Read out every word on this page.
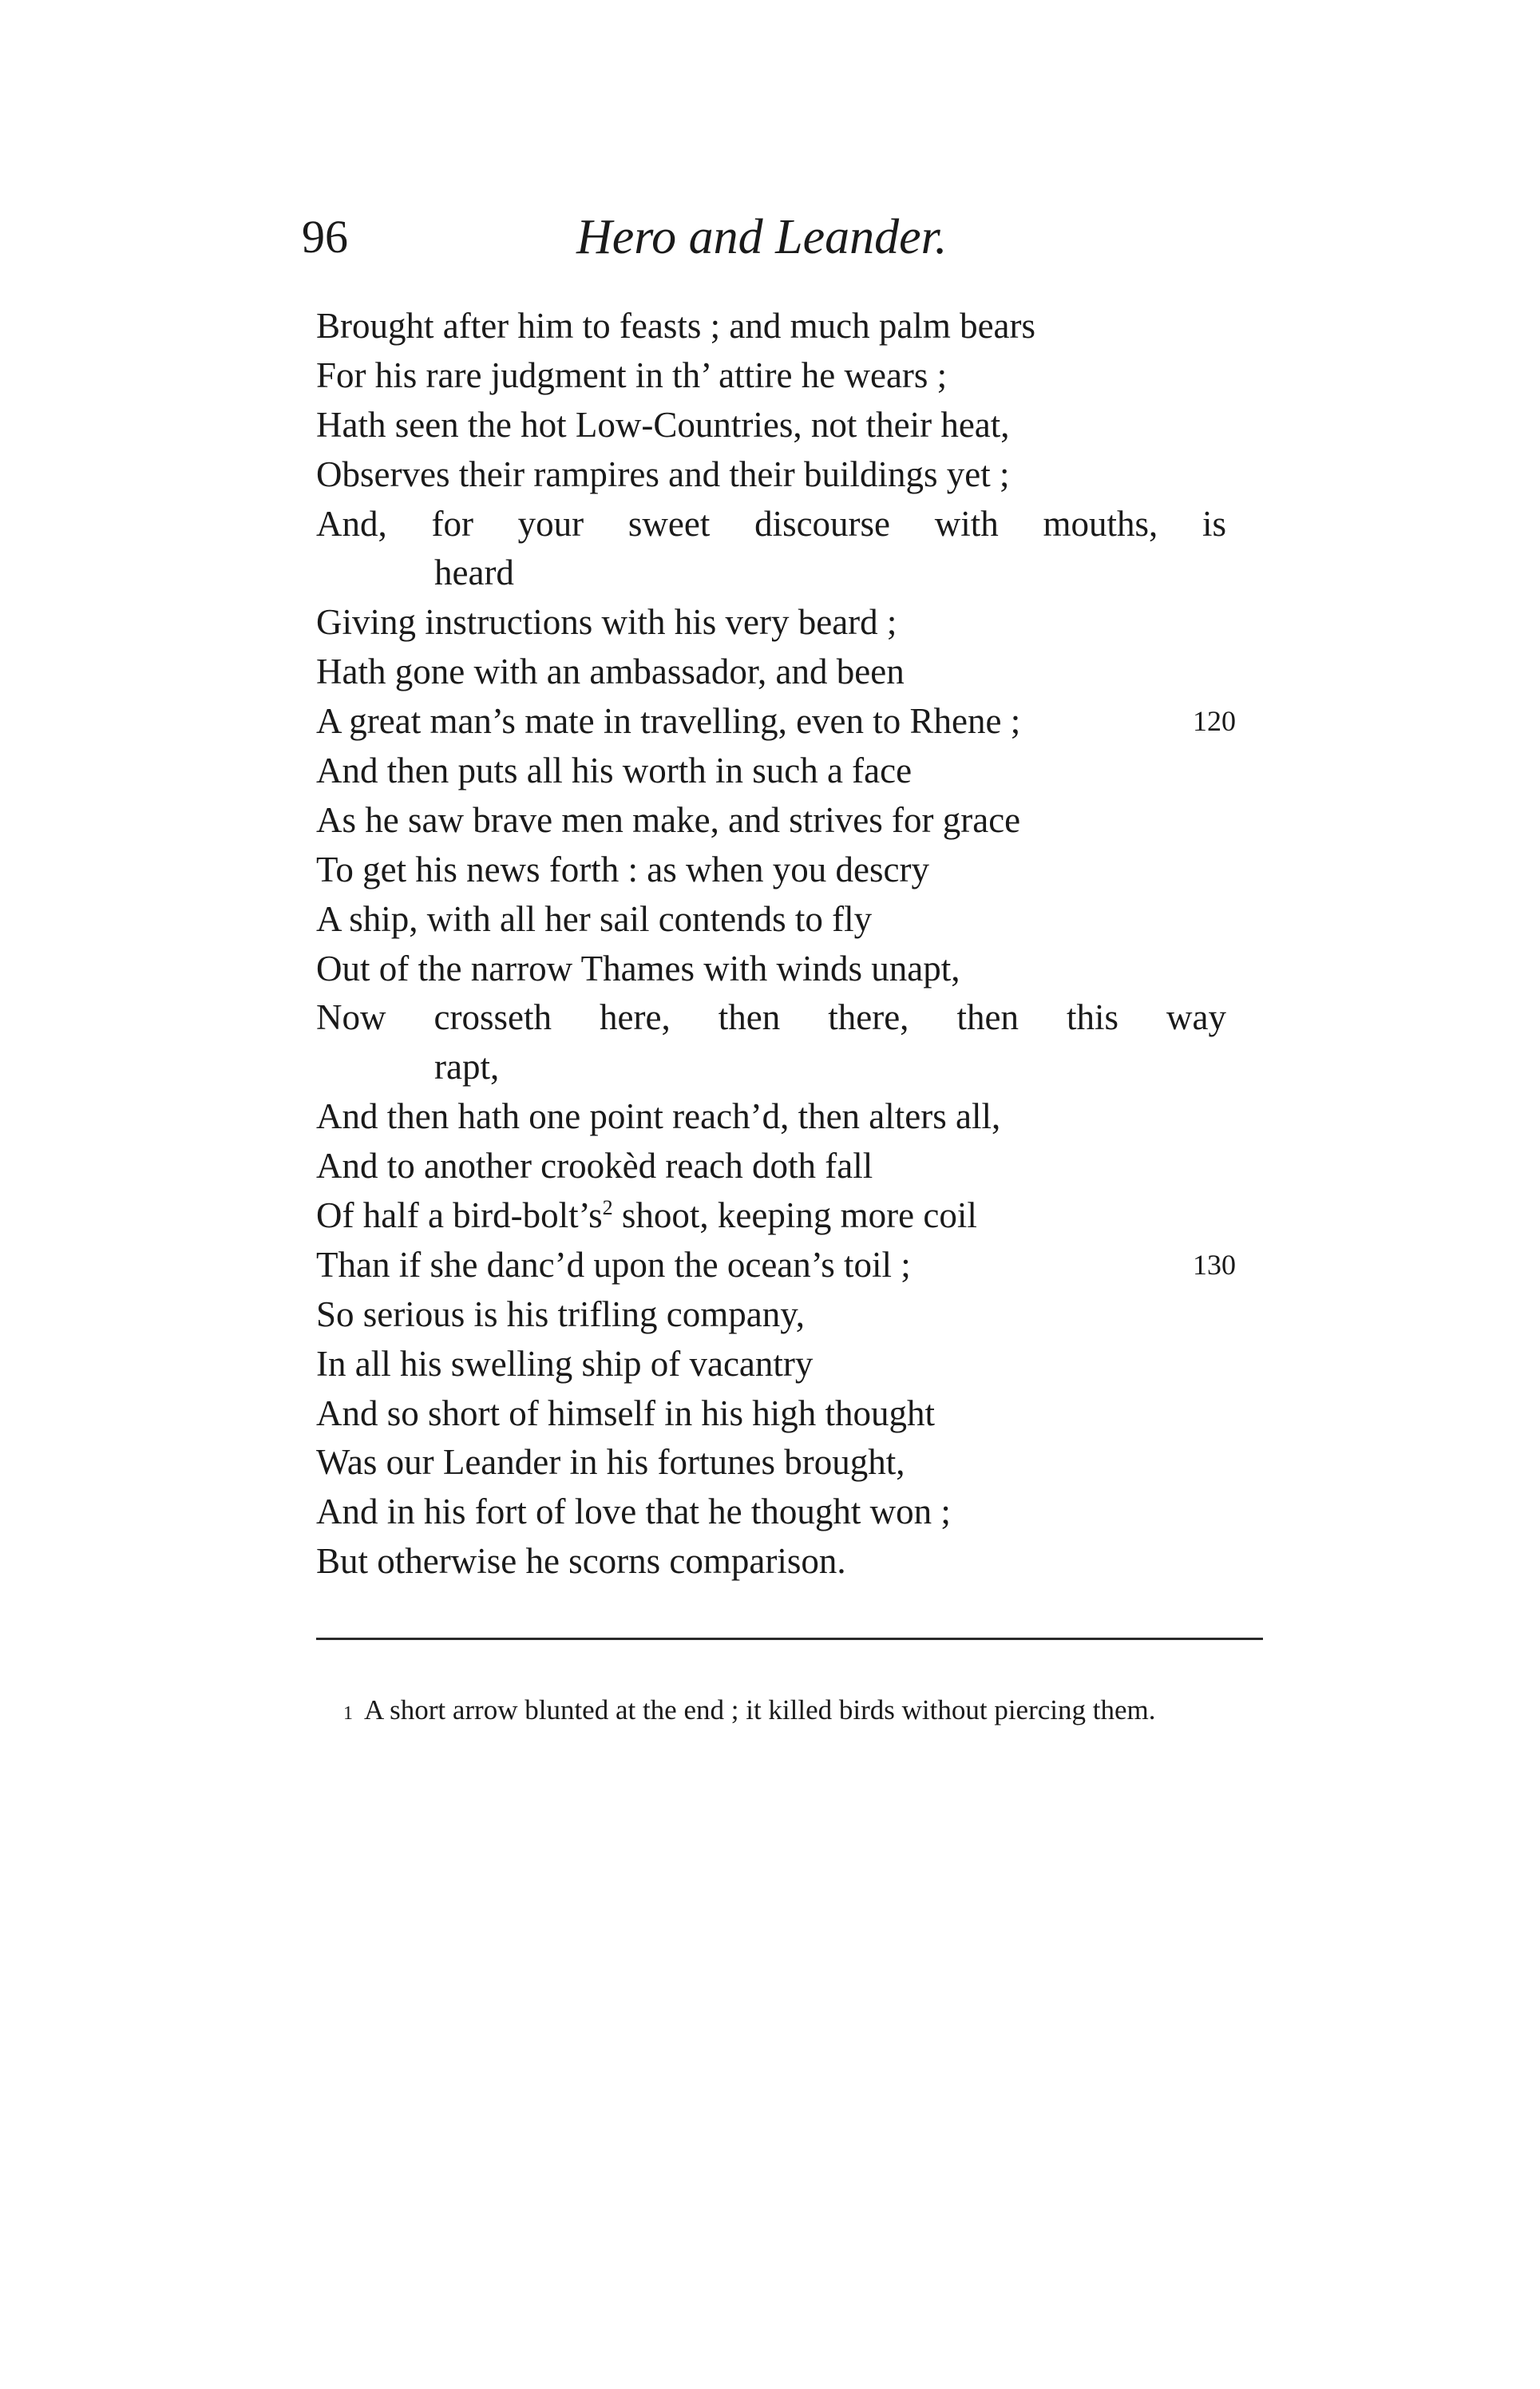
96	Hero and Leander.
Brought after him to feasts ; and much palm bears
For his rare judgment in th’ attire he wears ;
Hath seen the hot Low-Countries, not their heat,
Observes their rampires and their buildings yet ;
And, for your sweet discourse with mouths, is
heard
Giving instructions with his very beard ;
Hath gone with an ambassador, and been
A great man’s mate in travelling, even to Rhene ;	120
And then puts all his worth in such a face
As he saw brave men make, and strives for grace
To get his news forth : as when you descry
A ship, with all her sail contends to fly
Out of the narrow Thames with winds unapt,
Now crosseth here, then there, then this way
rapt,
And then hath one point reach’d, then alters all,
And to another crookèd reach doth fall
Of half a bird-bolt’s$^2$ shoot, keeping more coil
Than if she danc’d upon the ocean’s toil ;	130
So serious is his trifling company,
In all his swelling ship of vacantry
And so short of himself in his high thought
Was our Leander in his fortunes brought,
And in his fort of love that he thought won ;
But otherwise he scorns comparison.
1 A short arrow blunted at the end ; it killed birds without piercing them.
